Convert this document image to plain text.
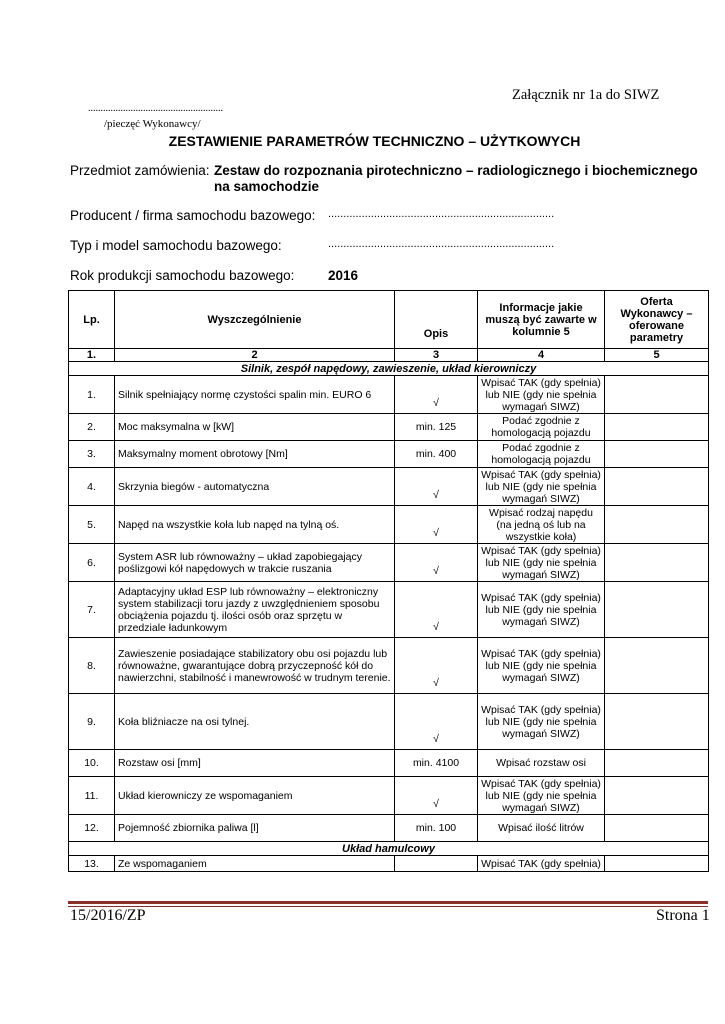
Załącznik nr 1a do SIWZ
......................................................
/pieczęć Wykonawcy/
ZESTAWIENIE PARAMETRÓW TECHNICZNO – UŻYTKOWYCH
Przedmiot zamówienia: Zestaw do rozpoznania pirotechniczno – radiologicznego i biochemicznego na samochodzie
Producent / firma samochodu bazowego: ..........................................................................
Typ i model samochodu bazowego:	..........................................................................
Rok produkcji samochodu bazowego: 2016
Lp.	Wyszczególnienie	Opis	Informacje jakie muszą być zawarte w kolumnie 5	Oferta Wykonawcy – oferowane parametry
1.	2	3	4	5
Silnik, zespół napędowy, zawieszenie, układ kierowniczy				
1.	Silnik spełniający normę czystości spalin min. EURO 6	√	Wpisać TAK (gdy spełnia) lub NIE (gdy nie spełnia wymagań SIWZ)	
2.	Moc maksymalna w [kW]	min. 125	Podać zgodnie z homologacją pojazdu	
3.	Maksymalny moment obrotowy [Nm]	min. 400	Podać zgodnie z homologacją pojazdu	
4.	Skrzynia biegów - automatyczna	√	Wpisać TAK (gdy spełnia) lub NIE (gdy nie spełnia wymagań SIWZ)	
5.	Napęd na wszystkie koła lub napęd na tylną oś.	√	Wpisać rodzaj napędu (na jedną oś lub na wszystkie koła)	
6.	System ASR lub równoważny – układ zapobiegający poślizgowi kół napędowych w trakcie ruszania	√	Wpisać TAK (gdy spełnia) lub NIE (gdy nie spełnia wymagań SIWZ)	
7.	Adaptacyjny układ ESP lub równoważny – elektroniczny system stabilizacji toru jazdy z uwzględnieniem sposobu obciążenia pojazdu tj. ilości osób oraz sprzętu w przedziale ładunkowym	√	Wpisać TAK (gdy spełnia) lub NIE (gdy nie spełnia wymagań SIWZ)	
8.	Zawieszenie posiadające stabilizatory obu osi pojazdu lub równoważne, gwarantujące dobrą przyczepność kół do nawierzchni, stabilność i manewrowość w trudnym terenie.	√	Wpisać TAK (gdy spełnia) lub NIE (gdy nie spełnia wymagań SIWZ)	
9.	Koła bliźniacze na osi tylnej.	√	Wpisać TAK (gdy spełnia) lub NIE (gdy nie spełnia wymagań SIWZ)	
10.	Rozstaw osi [mm]	min. 4100	Wpisać rozstaw osi	
11.	Układ kierowniczy ze wspomaganiem	√	Wpisać TAK (gdy spełnia) lub NIE (gdy nie spełnia wymagań SIWZ)	
12.	Pojemność zbiornika paliwa [l]	min. 100	Wpisać ilość litrów	
Układ hamulcowy				
13.	Ze wspomaganiem		Wpisać TAK (gdy spełnia)	
15/2016/ZP	Strona 1
